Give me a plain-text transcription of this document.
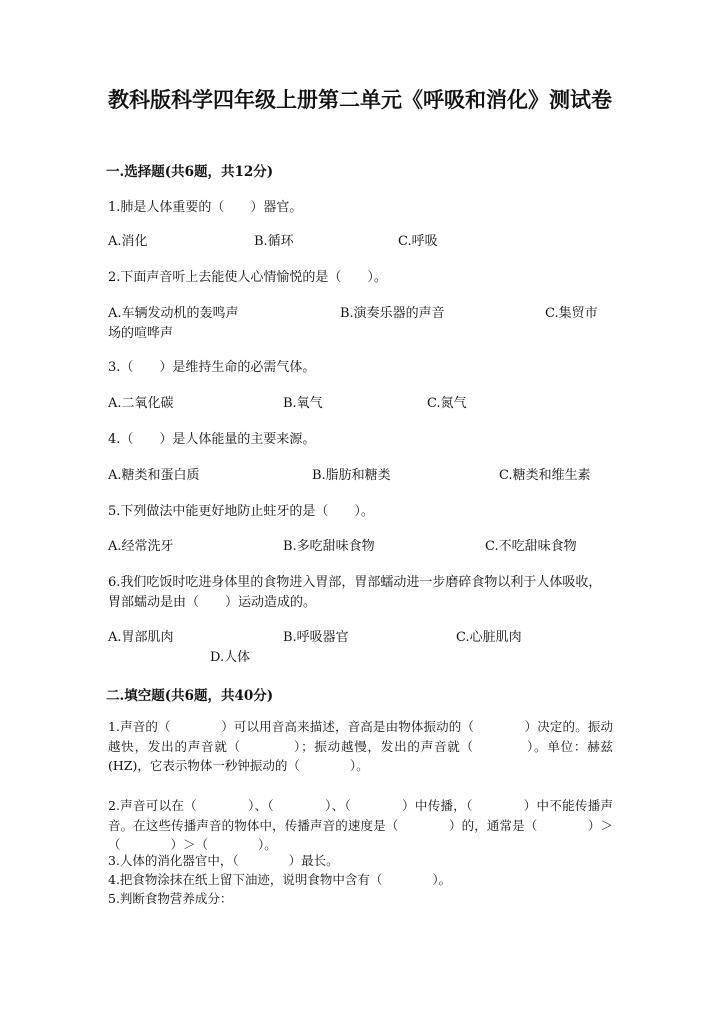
教科版科学四年级上册第二单元《呼吸和消化》测试卷
一.选择题(共6题，共12分)

1.肺是人体重要的（　　）器官。

A.消化	B.循环	C.呼吸

2.下面声音听上去能使人心情愉悦的是（　　）。

A.车辆发动机的轰鸣声	B.演奏乐器的声音	C.集贸市场的喧哗声

3.（　　）是维持生命的必需气体。

A.二氧化碳	B.氧气	C.氮气

4.（　　）是人体能量的主要来源。

A.糖类和蛋白质	B.脂肪和糖类	C.糖类和维生素

5.下列做法中能更好地防止蛀牙的是（　　）。

A.经常洗牙	B.多吃甜味食物	C.不吃甜味食物

6.我们吃饭时吃进身体里的食物进入胃部，胃部蠕动进一步磨碎食物以利于人体吸收，胃部蠕动是由（　　）运动造成的。

A.胃部肌肉	B.呼吸器官	C.心脏肌肉
D.人体
二.填空题(共6题，共40分)

1.声音的（　　　　）可以用音高来描述，音高是由物体振动的（　　　　）决定的。振动越快，发出的声音就（　　　　）；振动越慢，发出的声音就（　　　　）。单位：赫兹(HZ)，它表示物体一秒钟振动的（　　　　）。

2.声音可以在（　　　　）、（　　　　）、（　　　　）中传播，（　　　　）中不能传播声音。在这些传播声音的物体中，传播声音的速度是（　　　　）的，通常是（　　　　）＞（　　　　）＞（　　　　）。

3.人体的消化器官中，（　　　　）最长。

4.把食物涂抹在纸上留下油迹，说明食物中含有（　　　　）。

5.判断食物营养成分：
